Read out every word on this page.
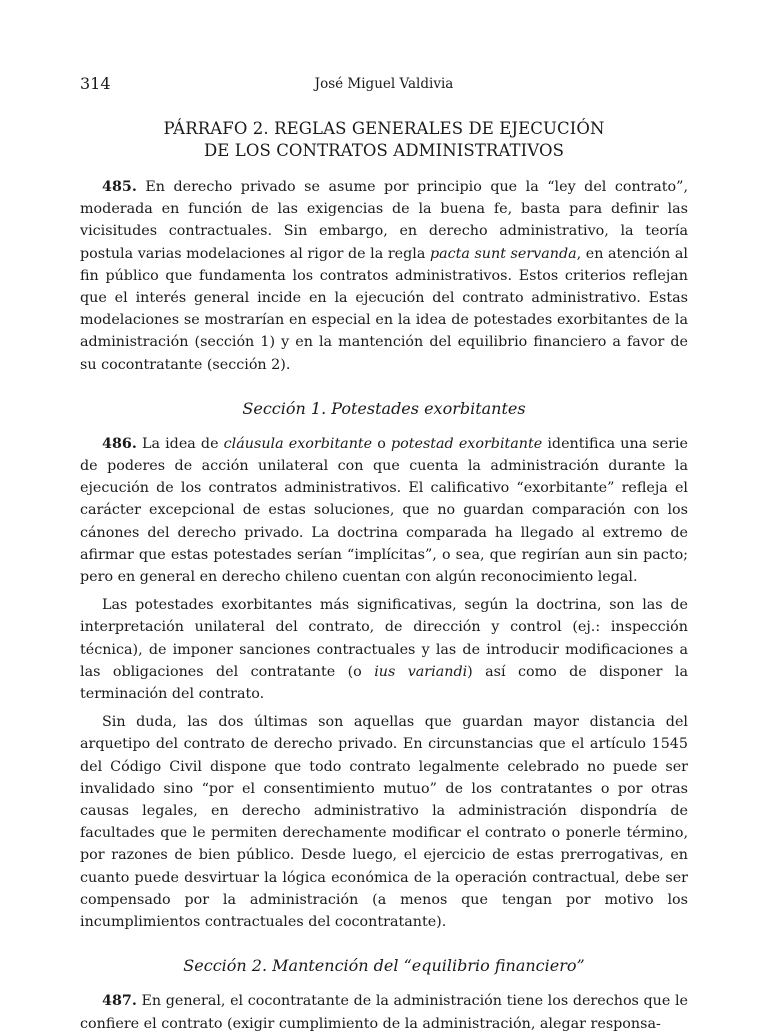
314	José Miguel Valdivia
PÁRRAFO 2. REGLAS GENERALES DE EJECUCIÓN
DE LOS CONTRATOS ADMINISTRATIVOS

485. En derecho privado se asume por principio que la “ley del contrato”, moderada en función de las exigencias de la buena fe, basta para definir las vicisitudes contractuales. Sin embargo, en derecho administrativo, la teoría postula varias modelaciones al rigor de la regla pacta sunt servanda, en atención al fin público que fundamenta los contratos administrativos. Estos criterios reflejan que el interés general incide en la ejecución del contrato administrativo. Estas modelaciones se mostrarían en especial en la idea de potestades exorbitantes de la administración (sección 1) y en la mantención del equilibrio financiero a favor de su cocontratante (sección 2).

Sección 1. Potestades exorbitantes

486. La idea de cláusula exorbitante o potestad exorbitante identifica una serie de poderes de acción unilateral con que cuenta la administración durante la ejecución de los contratos administrativos. El calificativo “exorbitante” refleja el carácter excepcional de estas soluciones, que no guardan comparación con los cánones del derecho privado. La doctrina comparada ha llegado al extremo de afirmar que estas potestades serían “implícitas”, o sea, que regirían aun sin pacto; pero en general en derecho chileno cuentan con algún reconocimiento legal.

Las potestades exorbitantes más significativas, según la doctrina, son las de interpretación unilateral del contrato, de dirección y control (ej.: inspección técnica), de imponer sanciones contractuales y las de introducir modificaciones a las obligaciones del contratante (o ius variandi) así como de disponer la terminación del contrato.

Sin duda, las dos últimas son aquellas que guardan mayor distancia del arquetipo del contrato de derecho privado. En circunstancias que el artículo 1545 del Código Civil dispone que todo contrato legalmente celebrado no puede ser invalidado sino “por el consentimiento mutuo” de los contratantes o por otras causas legales, en derecho administrativo la administración dispondría de facultades que le permiten derechamente modificar el contrato o ponerle término, por razones de bien público. Desde luego, el ejercicio de estas prerrogativas, en cuanto puede desvirtuar la lógica económica de la operación contractual, debe ser compensado por la administración (a menos que tengan por motivo los incumplimientos contractuales del cocontratante).

Sección 2. Mantención del “equilibrio financiero”

487. En general, el cocontratante de la administración tiene los derechos que le confiere el contrato (exigir cumplimiento de la administración, alegar responsa-
